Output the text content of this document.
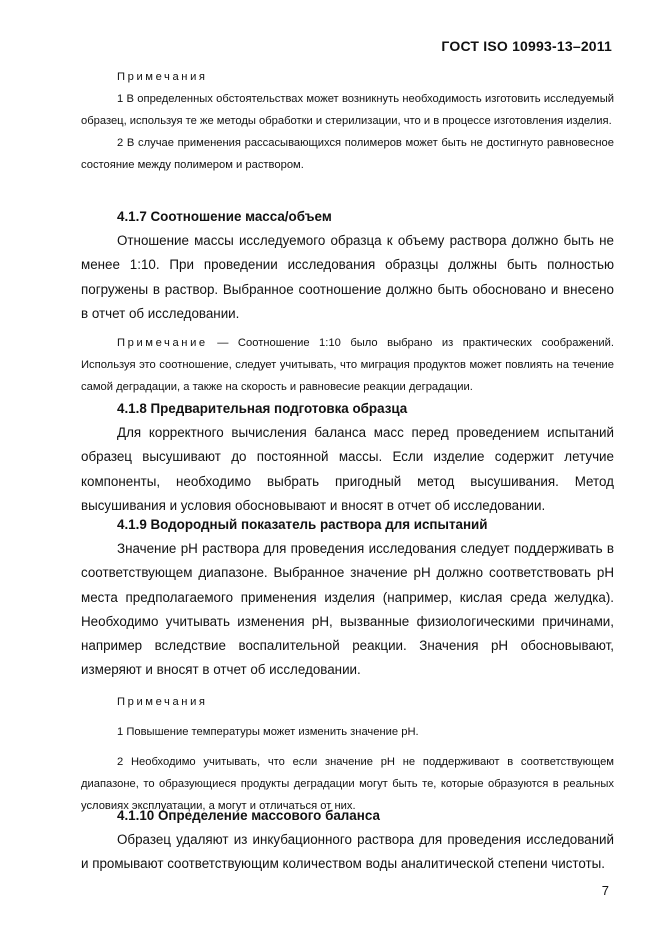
ГОСТ ISO 10993-13–2011
Примечания

1 В определенных обстоятельствах может возникнуть необходимость изготовить исследуемый образец, используя те же методы обработки и стерилизации, что и в процессе изготовления изделия.

2 В случае применения рассасывающихся полимеров может быть не достигнуто равновесное состояние между полимером и раствором.

4.1.7 Соотношение масса/объем

Отношение массы исследуемого образца к объему раствора должно быть не менее 1:10. При проведении исследования образцы должны быть полностью погружены в раствор. Выбранное соотношение должно быть обосновано и внесено в отчет об исследовании.

Примечание — Соотношение 1:10 было выбрано из практических соображений. Используя это соотношение, следует учитывать, что миграция продуктов может повлиять на течение самой деградации, а также на скорость и равновесие реакции деградации.

4.1.8 Предварительная подготовка образца

Для корректного вычисления баланса масс перед проведением испытаний образец высушивают до постоянной массы. Если изделие содержит летучие компоненты, необходимо выбрать пригодный метод высушивания. Метод высушивания и условия обосновывают и вносят в отчет об исследовании.

4.1.9 Водородный показатель раствора для испытаний

Значение pH раствора для проведения исследования следует поддерживать в соответствующем диапазоне. Выбранное значение pH должно соответствовать pH места предполагаемого применения изделия (например, кислая среда желудка). Необходимо учитывать изменения pH, вызванные физиологическими причинами, например вследствие воспалительной реакции. Значения pH обосновывают, измеряют и вносят в отчет об исследовании.

Примечания

1 Повышение температуры может изменить значение pH.

2 Необходимо учитывать, что если значение pH не поддерживают в соответствующем диапазоне, то образующиеся продукты деградации могут быть те, которые образуются в реальных условиях эксплуатации, а могут и отличаться от них.

4.1.10 Определение массового баланса

Образец удаляют из инкубационного раствора для проведения исследований и промывают соответствующим количеством воды аналитической степени чистоты.

7
